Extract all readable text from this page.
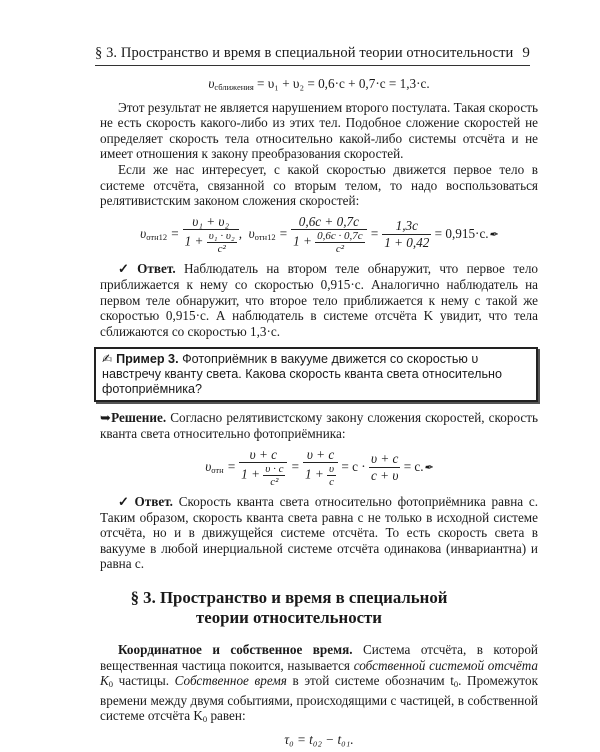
§ 3. Пространство и время в специальной теории относительности 9
$\upsilon_{сближения} = \upsilon_1 + \upsilon_2 = 0,6\cdot c + 0,7\cdot c = 1,3\cdot c$.

Этот результат не является нарушением второго постулата. Такая скорость не есть скорость какого-либо из этих тел. Подобное сложение скоростей не определяет скорость тела относительно какой-либо системы отсчёта и не имеет отношения к закону преобразования скоростей.

Если же нас интересует, с какой скоростью движется первое тело в системе отсчёта, связанной со вторым телом, то надо воспользоваться релятивистским законом сложения скоростей:

$\upsilon_{отн12} = \frac{\text{υ₁ + υ₂}}{1 + \frac{\text{υ₁ · υ₂}}{\text{c²}}}$ ,  $\upsilon_{отн12} = \frac{0,6c + 0,7c}{1 + \frac{0,6c \cdot 0,7c}{\text{c²}}} = \frac{1,3c}{1 + 0,42}$ = 0,915·c.✒

✓ Ответ. Наблюдатель на втором теле обнаружит, что первое тело приближается к нему со скоростью 0,915·c. Аналогично наблюдатель на первом теле обнаружит, что второе тело приближается к нему с такой же скоростью 0,915·c. А наблюдатель в системе отсчёта K увидит, что тела сближаются со скоростью 1,3·c.

✍ Пример 3. Фотоприёмник в вакууме движется со скоростью υ навстречу кванту света. Какова скорость кванта света относительно фотоприёмника?

➥Решение. Согласно релятивистскому закону сложения скоростей, скорость кванта света относительно фотоприёмника:

$\upsilon_{отн} = \frac{\upsilon + c}{1 + \frac{\upsilon \cdot c}{\text{c²}}} = \frac{\upsilon + c}{1 + \frac{\upsilon}{c}} = c \cdot \frac{\upsilon + c}{c + \upsilon}$ = c.✒

✓ Ответ. Скорость кванта света относительно фотоприёмника равна c. Таким образом, скорость кванта света равна c не только в исходной системе отсчёта, но и в движущейся системе отсчёта. То есть скорость света в вакууме в любой инерциальной системе отсчёта одинакова (инвариантна) и равна c.

§ 3. Пространство и время в специальной
теории относительности

Координатное и собственное время. Система отсчёта, в которой вещественная частица покоится, называется собственной системой отсчёта $K_0$ частицы. Собственное время в этой системе обозначим $t_0$. Промежуток времени между двумя событиями, происходящими с частицей, в собственной системе отсчёта $K_0$ равен:

τ₀ = t₀₂ − t₀₁.
